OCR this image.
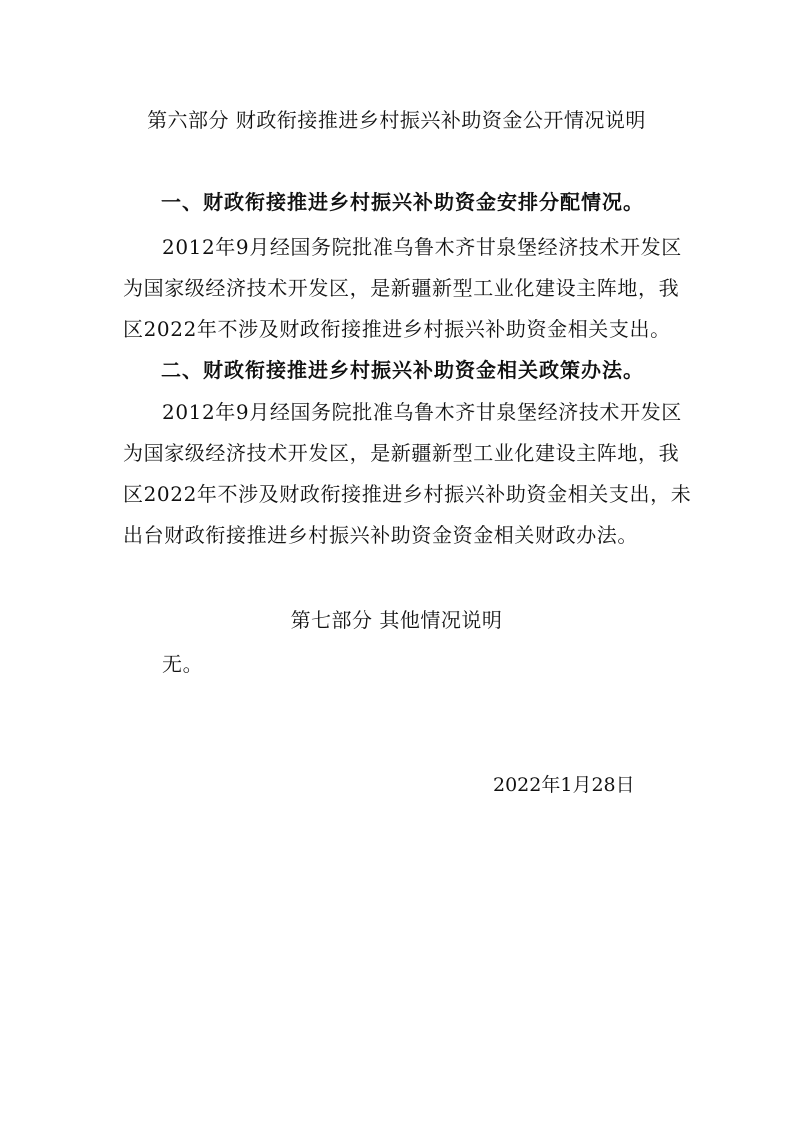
第六部分 财政衔接推进乡村振兴补助资金公开情况说明
一、财政衔接推进乡村振兴补助资金安排分配情况。
2012年9月经国务院批准乌鲁木齐甘泉堡经济技术开发区
为国家级经济技术开发区，是新疆新型工业化建设主阵地，我
区2022年不涉及财政衔接推进乡村振兴补助资金相关支出。
二、财政衔接推进乡村振兴补助资金相关政策办法。
2012年9月经国务院批准乌鲁木齐甘泉堡经济技术开发区
为国家级经济技术开发区，是新疆新型工业化建设主阵地，我
区2022年不涉及财政衔接推进乡村振兴补助资金相关支出，未
出台财政衔接推进乡村振兴补助资金资金相关财政办法。
第七部分 其他情况说明
无。
2022年1月28日
